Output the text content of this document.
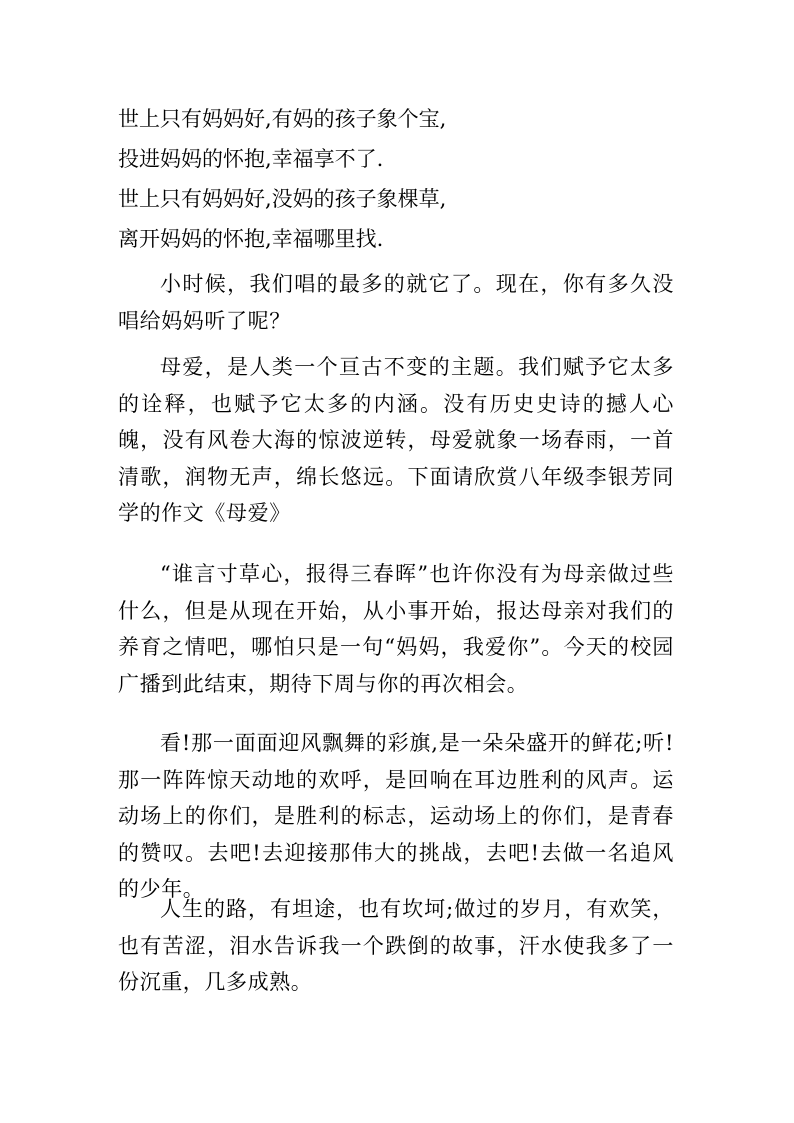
世上只有妈妈好,有妈的孩子象个宝,
投进妈妈的怀抱,幸福享不了.
世上只有妈妈好,没妈的孩子象棵草,
离开妈妈的怀抱,幸福哪里找.
小时候，我们唱的最多的就它了。现在，你有多久没唱给妈妈听了呢？
母爱，是人类一个亘古不变的主题。我们赋予它太多的诠释，也赋予它太多的内涵。没有历史史诗的撼人心魄，没有风卷大海的惊波逆转，母爱就象一场春雨，一首清歌，润物无声，绵长悠远。下面请欣赏八年级李银芳同学的作文《母爱》
“谁言寸草心，报得三春晖”也许你没有为母亲做过些什么，但是从现在开始，从小事开始，报达母亲对我们的养育之情吧，哪怕只是一句“妈妈，我爱你”。今天的校园广播到此结束，期待下周与你的再次相会。
看!那一面面迎风飘舞的彩旗,是一朵朵盛开的鲜花;听!那一阵阵惊天动地的欢呼，是回响在耳边胜利的风声。运动场上的你们，是胜利的标志，运动场上的你们，是青春的赞叹。去吧!去迎接那伟大的挑战，去吧!去做一名追风的少年。
人生的路，有坦途，也有坎坷;做过的岁月，有欢笑，也有苦涩，泪水告诉我一个跌倒的故事，汗水使我多了一份沉重，几多成熟。
